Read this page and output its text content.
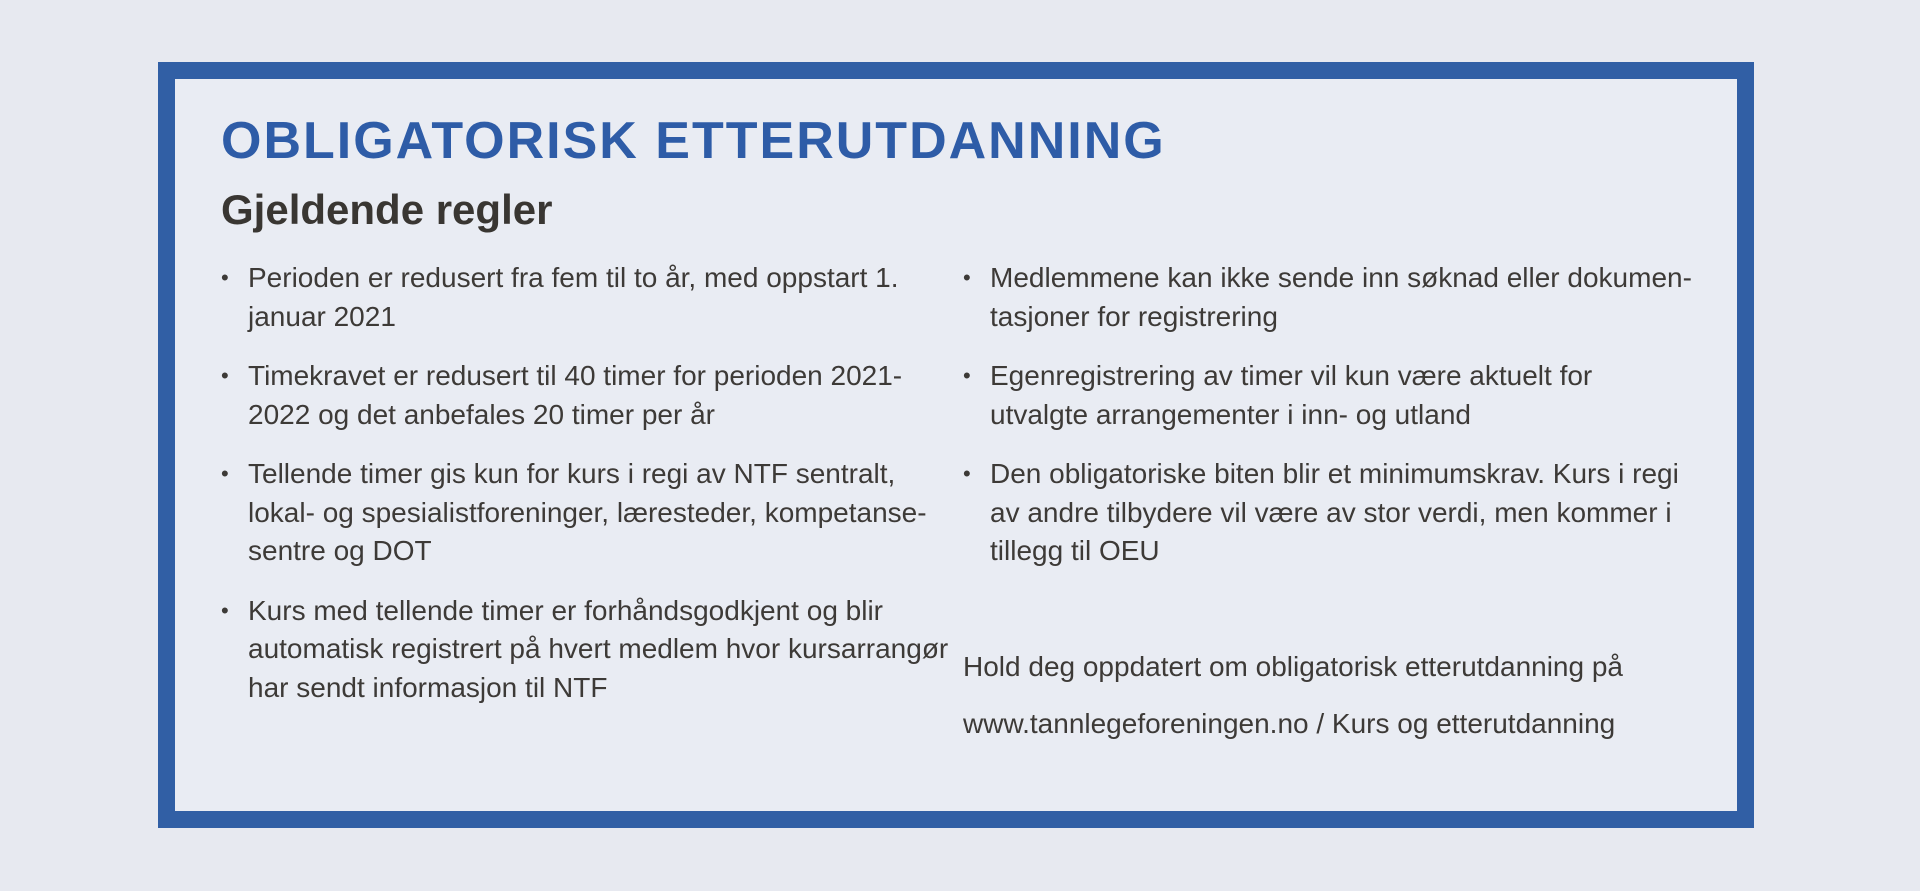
OBLIGATORISK ETTERUTDANNING
Gjeldende regler
• Perioden er redusert fra fem til to år, med oppstart 1.
januar 2021
• Timekravet er redusert til 40 timer for perioden 2021-
2022 og det anbefales 20 timer per år
• Tellende timer gis kun for kurs i regi av NTF sentralt,
lokal- og spesialistforeninger, læresteder, kompetanse-
sentre og DOT
• Kurs med tellende timer er forhåndsgodkjent og blir
automatisk registrert på hvert medlem hvor kursarrangør
har sendt informasjon til NTF
• Medlemmene kan ikke sende inn søknad eller dokumen-
tasjoner for registrering
• Egenregistrering av timer vil kun være aktuelt for
utvalgte arrangementer i inn- og utland
• Den obligatoriske biten blir et minimumskrav. Kurs i regi
av andre tilbydere vil være av stor verdi, men kommer i
tillegg til OEU

Hold deg oppdatert om obligatorisk etterutdanning på

www.tannlegeforeningen.no / Kurs og etterutdanning
